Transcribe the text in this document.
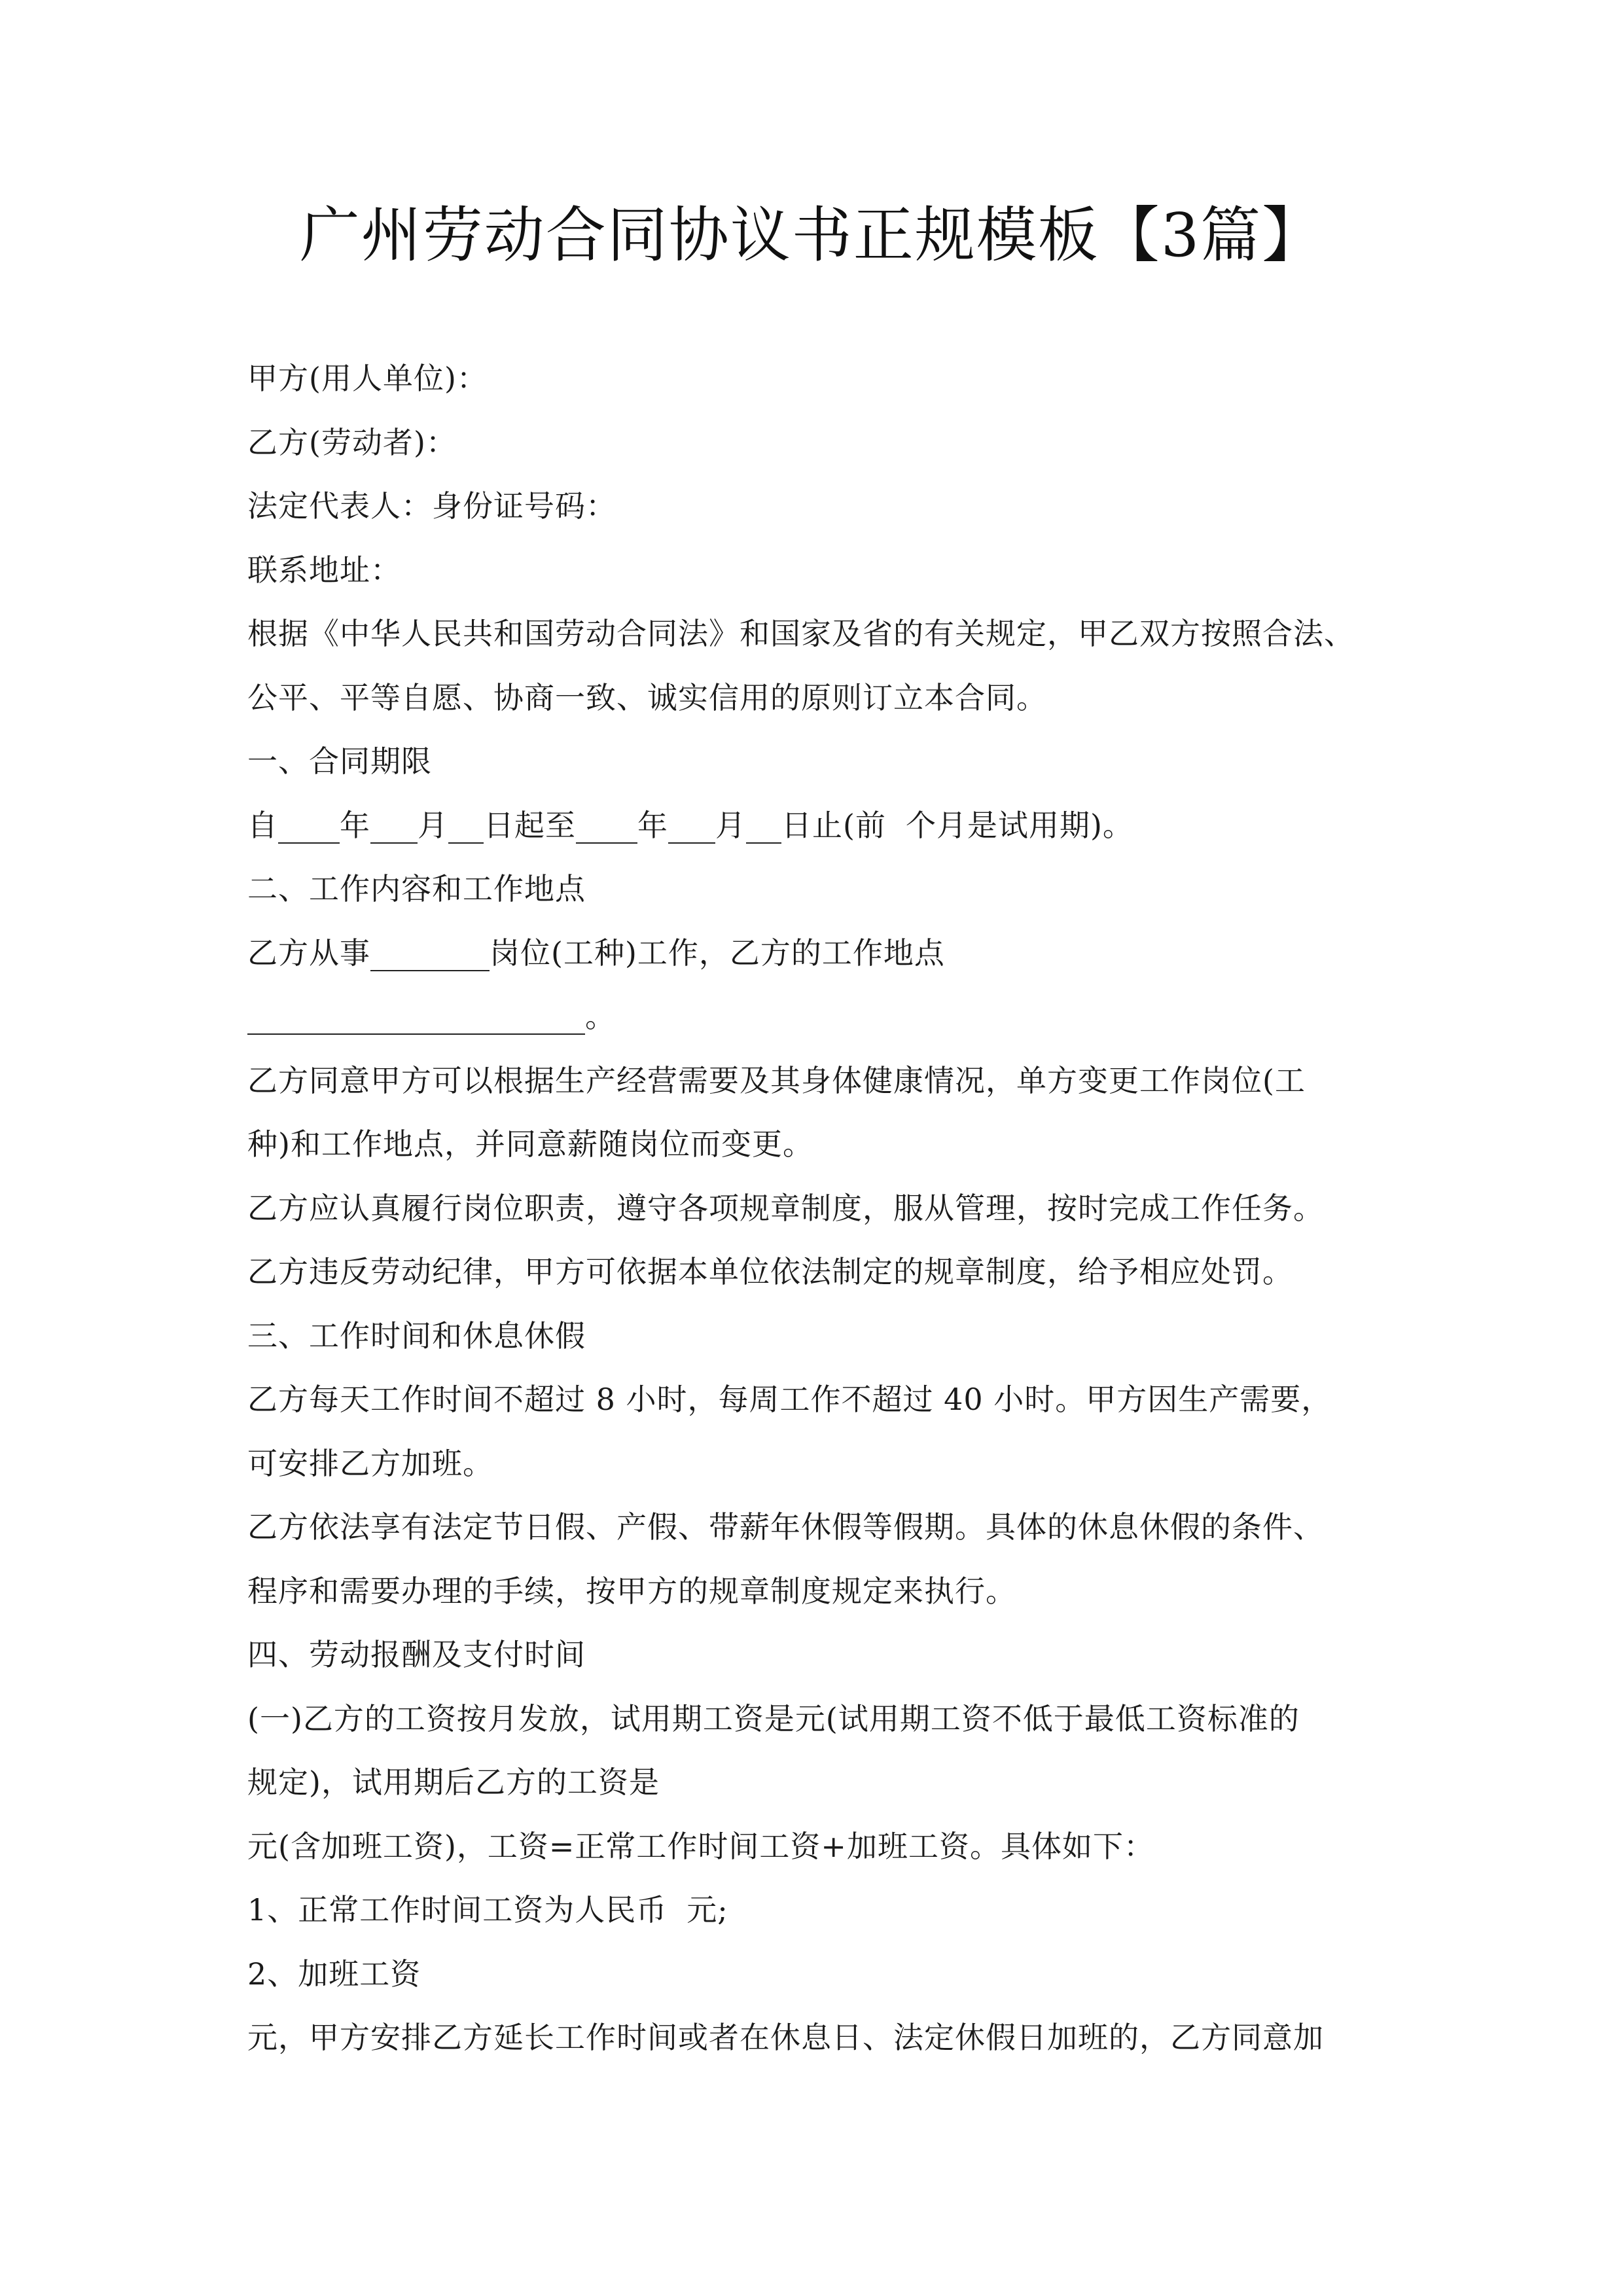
广州劳动合同协议书正规模板【3篇】
甲方(用人单位)：
乙方(劳动者)：
法定代表人：身份证号码：
联系地址：
根据《中华人民共和国劳动合同法》和国家及省的有关规定，甲乙双方按照合法、
公平、平等自愿、协商一致、诚实信用的原则订立本合同。
一、合同期限
自 年 月 日起至 年 月 日止(前 个月是试用期)。
二、工作内容和工作地点
乙方从事	岗位(工种)工作，乙方的工作地点
。
乙方同意甲方可以根据生产经营需要及其身体健康情况，单方变更工作岗位(工
种)和工作地点，并同意薪随岗位而变更。
乙方应认真履行岗位职责，遵守各项规章制度，服从管理，按时完成工作任务。
乙方违反劳动纪律，甲方可依据本单位依法制定的规章制度，给予相应处罚。
三、工作时间和休息休假
乙方每天工作时间不超过 8 小时，每周工作不超过 40 小时。甲方因生产需要，
可安排乙方加班。
乙方依法享有法定节日假、产假、带薪年休假等假期。具体的休息休假的条件、
程序和需要办理的手续，按甲方的规章制度规定来执行。
四、劳动报酬及支付时间
(一)乙方的工资按月发放，试用期工资是元(试用期工资不低于最低工资标准的
规定)，试用期后乙方的工资是
元(含加班工资)，工资=正常工作时间工资+加班工资。具体如下：
1、正常工作时间工资为人民币 元;
2、加班工资
元，甲方安排乙方延长工作时间或者在休息日、法定休假日加班的，乙方同意加
